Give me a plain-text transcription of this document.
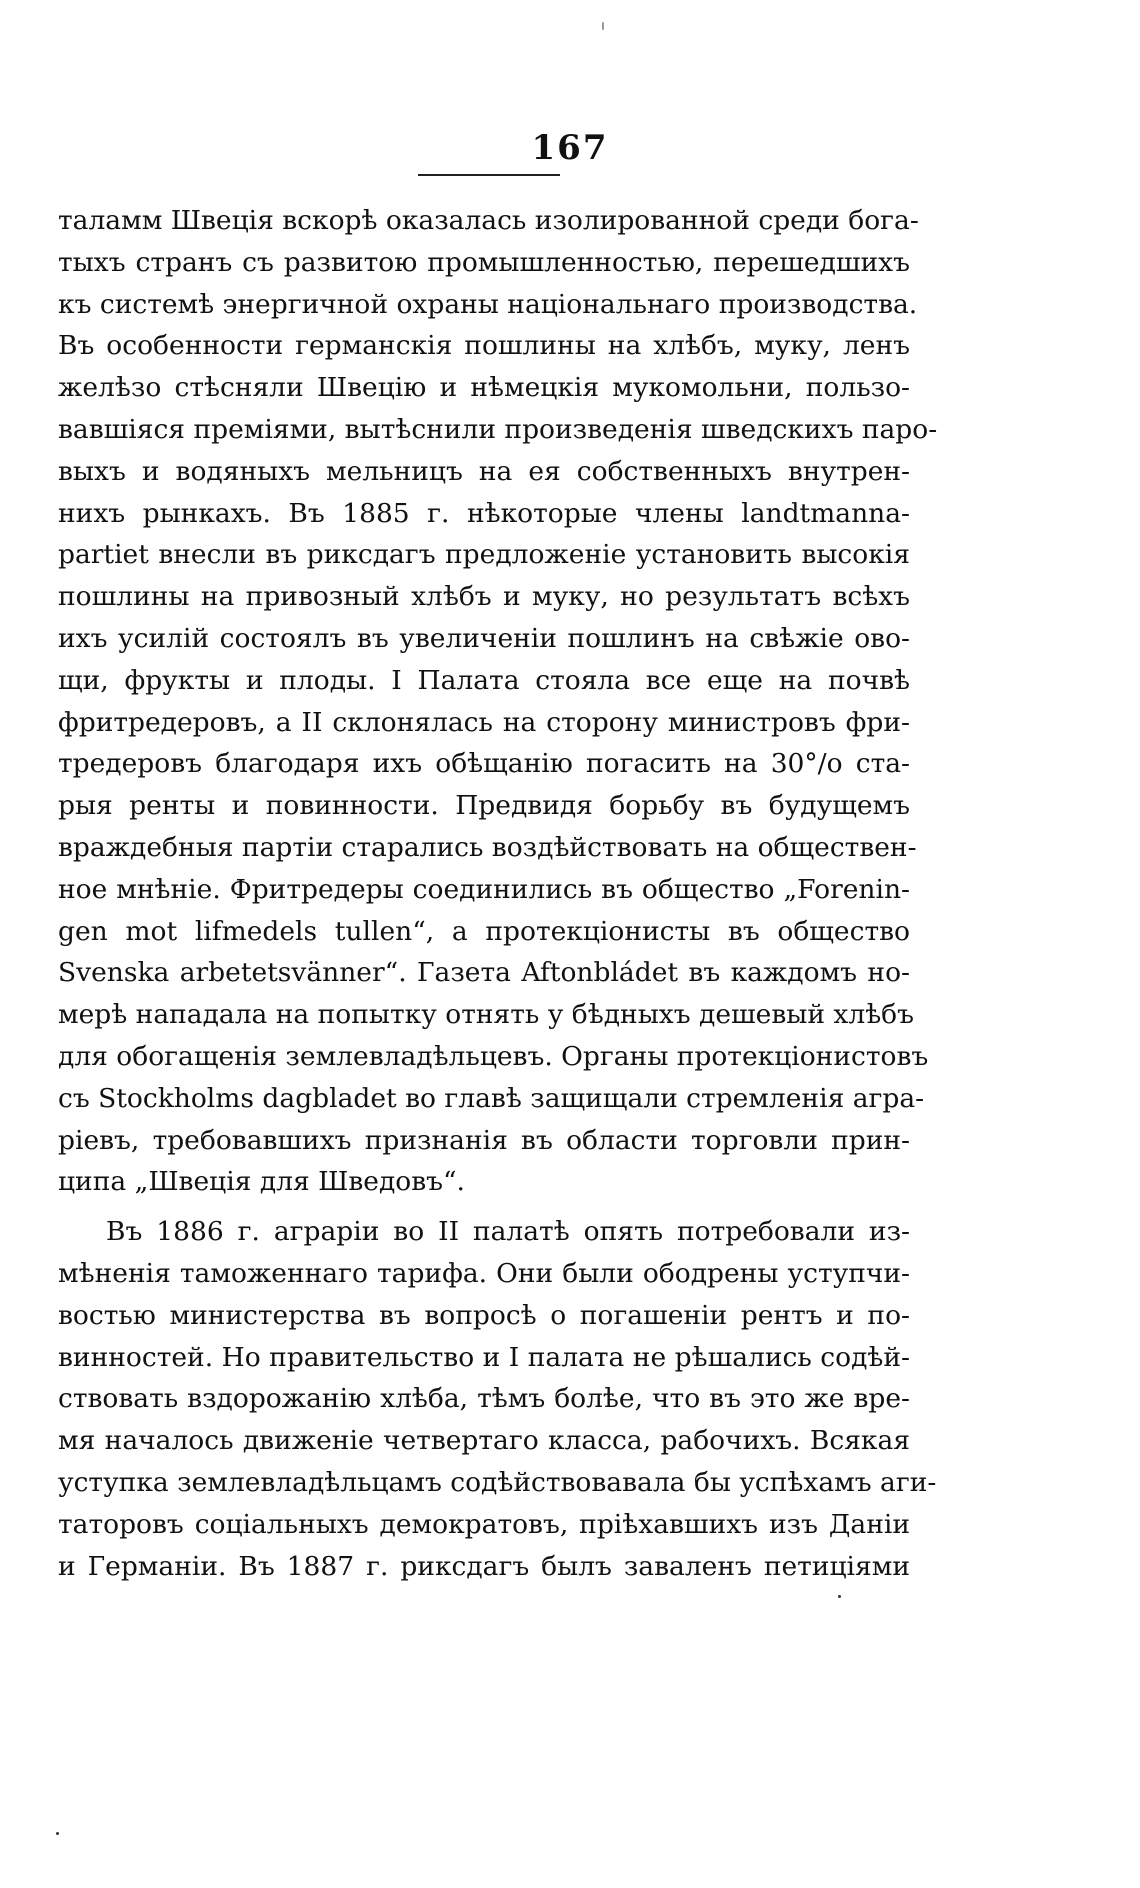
167
таламм Швецiя вскорѣ оказалась изолированной среди бога-
тыхъ странъ съ развитою промышленностью, перешедшихъ
къ системѣ энергичной охраны нацiональнаго производства.
Въ особенности германскiя пошлины на хлѣбъ, муку, ленъ
желѣзо стѣсняли Швецiю и нѣмецкiя мукомольни, пользо-
вавшiяся премiями, вытѣснили произведенiя шведскихъ паро-
выхъ и водяныхъ мельницъ на ея собственныхъ внутрен-
нихъ рынкахъ. Въ 1885 г. нѣкоторые члены landtmanna-
partiet внесли въ риксдагъ предложенiе установить высокiя
пошлины на привозный хлѣбъ и муку, но результатъ всѣхъ
ихъ усилiй состоялъ въ увеличенiи пошлинъ на свѣжiе ово-
щи, фрукты и плоды. I Палата стояла все еще на почвѣ
фритредеровъ, а II склонялась на сторону министровъ фри-
тредеровъ благодаря ихъ обѣщанiю погасить на 30°/о ста-
рыя ренты и повинности. Предвидя борьбу въ будущемъ
враждебныя партiи старались воздѣйствовать на обществен-
ное мнѣнiе. Фритредеры соединились въ общество „Forenin-
gen mot lifmedels tullen“, а протекцiонисты въ общество
Svenska arbetetsvänner“. Газета Aftonbládet въ каждомъ но-
мерѣ нападала на попытку отнять у бѣдныхъ дешевый хлѣбъ
для обогащенiя землевладѣльцевъ. Органы протекцiонистовъ
съ Stockholms dagbladet во главѣ защищали стремленiя агра-
рiевъ, требовавшихъ признанiя въ области торговли прин-
ципа „Швецiя для Шведовъ“.
Въ 1886 г. аграрiи во II палатѣ опять потребовали из-
мѣненiя таможеннаго тарифа. Они были ободрены уступчи-
востью министерства въ вопросѣ о погашенiи рентъ и по-
винностей. Но правительство и I палата не рѣшались содѣй-
ствовать вздорожанiю хлѣба, тѣмъ болѣе, что въ это же вре-
мя началось движенiе четвертаго класса, рабочихъ. Всякая
уступка землевладѣльцамъ содѣйствовавала бы успѣхамъ аги-
таторовъ соцiальныхъ демократовъ, прiѣхавшихъ изъ Данiи
и Германiи. Въ 1887 г. риксдагъ былъ заваленъ петицiями
